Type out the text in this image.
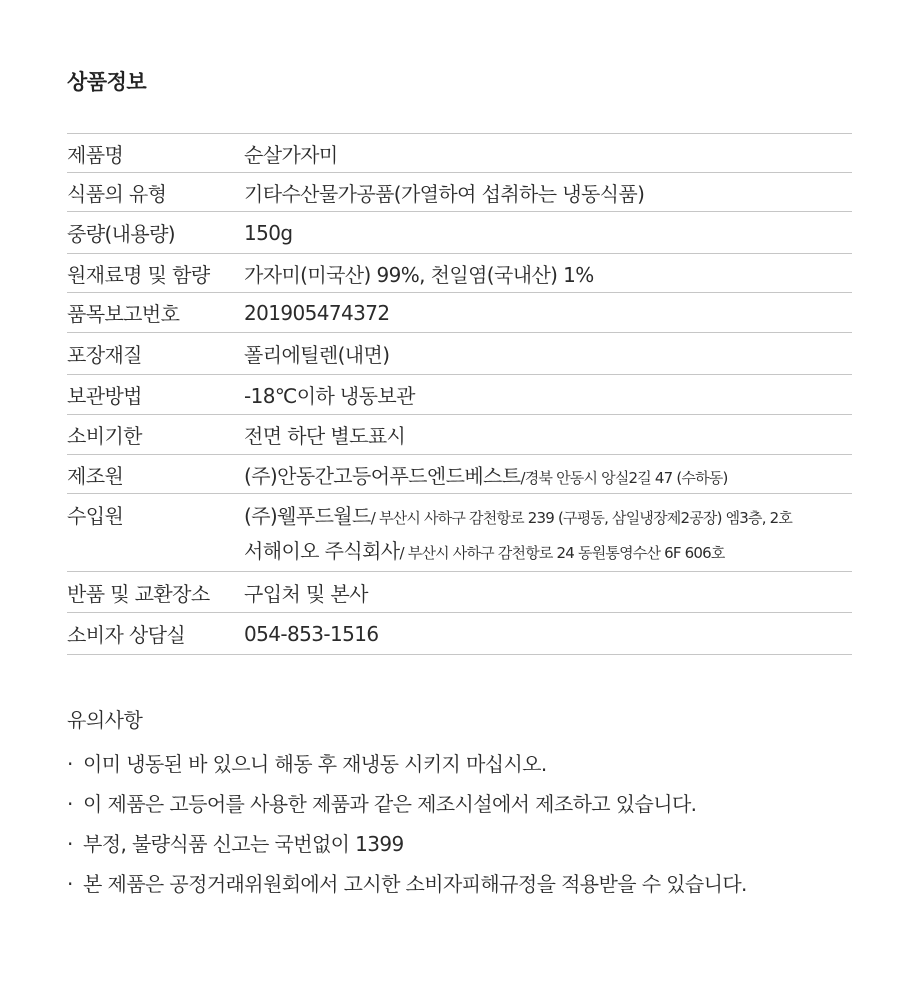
상품정보
제품명	순살가자미
식품의 유형	기타수산물가공품(가열하여 섭취하는 냉동식품)
중량(내용량)	150g
원재료명 및 함량	가자미(미국산) 99%, 천일염(국내산) 1%
품목보고번호	201905474372
포장재질	폴리에틸렌(내면)
보관방법	-18℃이하 냉동보관
소비기한	전면 하단 별도표시
제조원	(주)안동간고등어푸드엔드베스트/경북 안동시 앙실2길 47 (수하동)
수입원	(주)웰푸드월드/ 부산시 사하구 감천항로 239 (구평동, 삼일냉장제2공장) 엠3층, 2호
서해이오 주식회사/ 부산시 사하구 감천항로 24 동원통영수산 6F 606호

반품 및 교환장소	구입처 및 본사
소비자 상담실	054-853-1516
유의사항
· 이미 냉동된 바 있으니 해동 후 재냉동 시키지 마십시오.
· 이 제품은 고등어를 사용한 제품과 같은 제조시설에서 제조하고 있습니다.
· 부정, 불량식품 신고는 국번없이 1399
· 본 제품은 공정거래위원회에서 고시한 소비자피해규정을 적용받을 수 있습니다.
